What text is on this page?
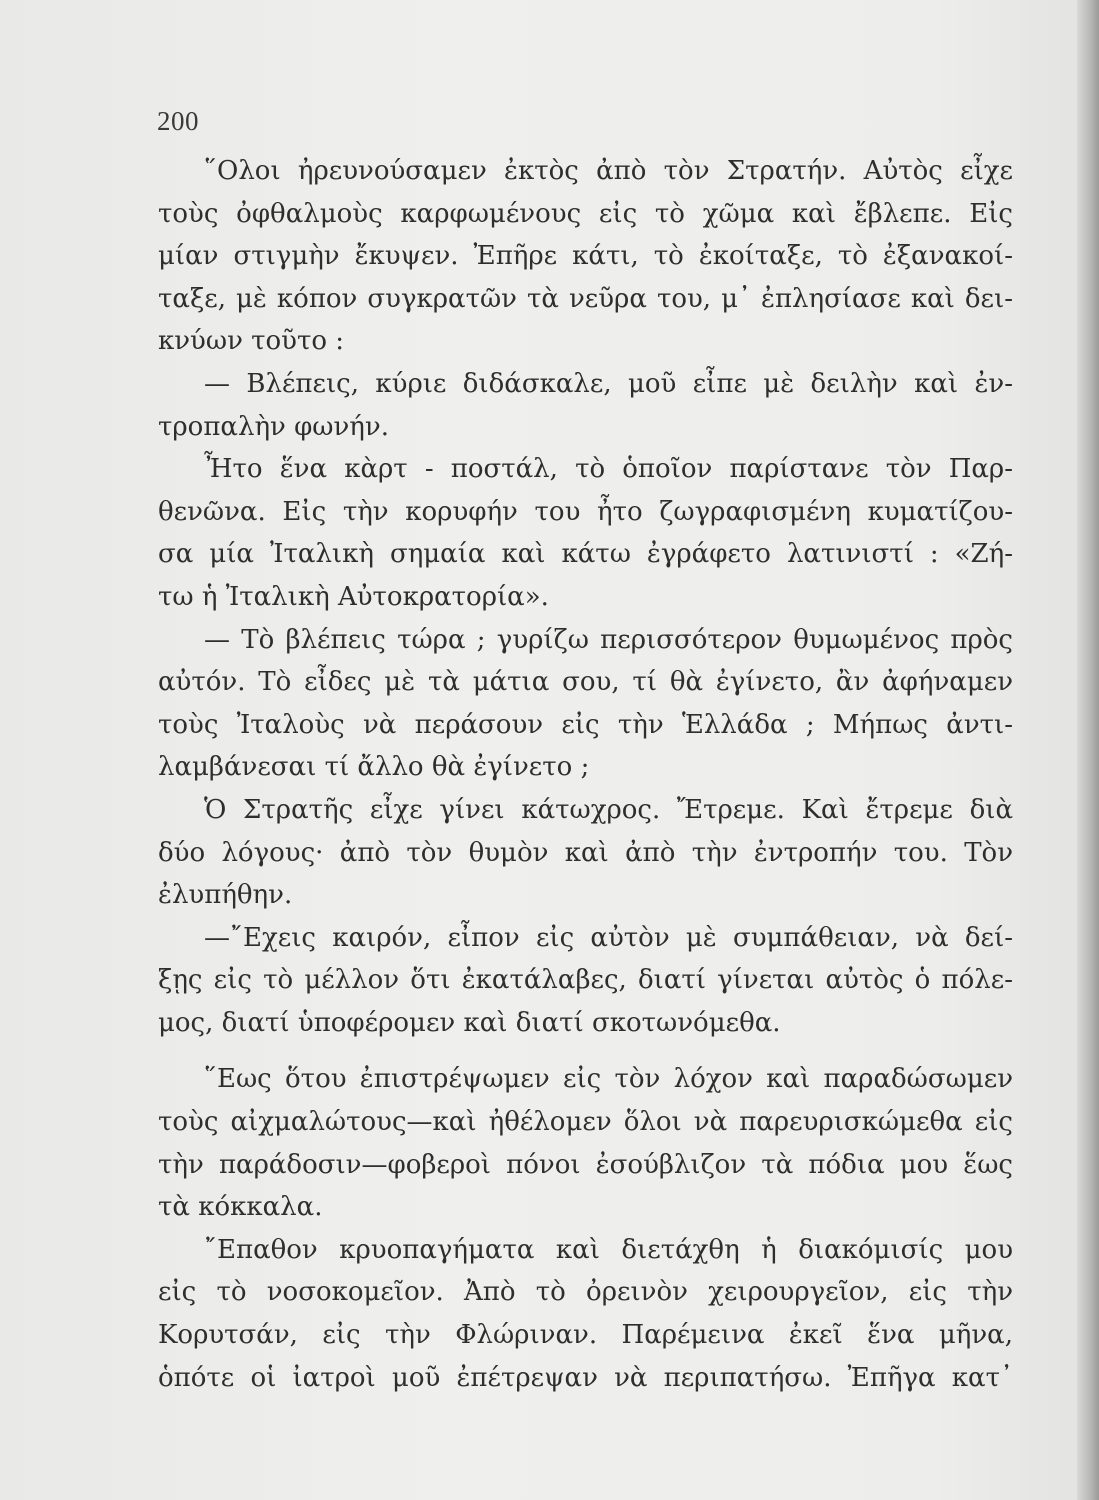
200
῞Ολοι ἠρευνούσαμεν ἐκτὸς ἀπὸ τὸν Στρατήν. Αὐτὸς εἶχε
τοὺς ὀφθαλμοὺς καρφωμένους εἰς τὸ χῶμα καὶ ἔβλεπε. Εἰς
μίαν στιγμὴν ἔκυψεν. Ἐπῆρε κάτι, τὸ ἐκοίταξε, τὸ ἐξανακοί-
ταξε, μὲ κόπον συγκρατῶν τὰ νεῦρα του, μ᾽ ἐπλησίασε καὶ δει-
κνύων τοῦτο :
— Βλέπεις, κύριε διδάσκαλε, μοῦ εἶπε μὲ δειλὴν καὶ ἐν-
τροπαλὴν φωνήν.
Ἦτο ἕνα κὰρτ - ποστάλ, τὸ ὁποῖον παρίστανε τὸν Παρ-
θενῶνα. Εἰς τὴν κορυφήν του ἦτο ζωγραφισμένη κυματίζου-
σα μία Ἰταλικὴ σημαία καὶ κάτω ἐγράφετο λατινιστί : «Ζή-
τω ἡ Ἰταλικὴ Αὐτοκρατορία».
— Τὸ βλέπεις τώρα ; γυρίζω περισσότερον θυμωμένος πρὸς
αὐτόν. Τὸ εἶδες μὲ τὰ μάτια σου, τί θὰ ἐγίνετο, ἂν ἀφήναμεν
τοὺς Ἰταλοὺς νὰ περάσουν εἰς τὴν Ἑλλάδα ; Μήπως ἀντι-
λαμβάνεσαι τί ἄλλο θὰ ἐγίνετο ;
Ὁ Στρατῆς εἶχε γίνει κάτωχρος. Ἔτρεμε. Καὶ ἔτρεμε διὰ
δύο λόγους· ἀπὸ τὸν θυμὸν καὶ ἀπὸ τὴν ἐντροπήν του. Τὸν
ἐλυπήθην.
—῎Εχεις καιρόν, εἶπον εἰς αὐτὸν μὲ συμπάθειαν, νὰ δεί-
ξῃς εἰς τὸ μέλλον ὅτι ἐκατάλαβες, διατί γίνεται αὐτὸς ὁ πόλε-
μος, διατί ὑποφέρομεν καὶ διατί σκοτωνόμεθα.
῞Εως ὅτου ἐπιστρέψωμεν εἰς τὸν λόχον καὶ παραδώσωμεν
τοὺς αἰχμαλώτους—καὶ ἠθέλομεν ὅλοι νὰ παρευρισκώμεθα εἰς
τὴν παράδοσιν—φοβεροὶ πόνοι ἐσούβλιζον τὰ πόδια μου ἕως
τὰ κόκκαλα.
῎Επαθον κρυοπαγήματα καὶ διετάχθη ἡ διακόμισίς μου
εἰς τὸ νοσοκομεῖον. Ἀπὸ τὸ ὀρεινὸν χειρουργεῖον, εἰς τὴν
Κορυτσάν, εἰς τὴν Φλώριναν. Παρέμεινα ἐκεῖ ἕνα μῆνα,
ὁπότε οἱ ἰατροὶ μοῦ ἐπέτρεψαν νὰ περιπατήσω. Ἐπῆγα κατ᾽
